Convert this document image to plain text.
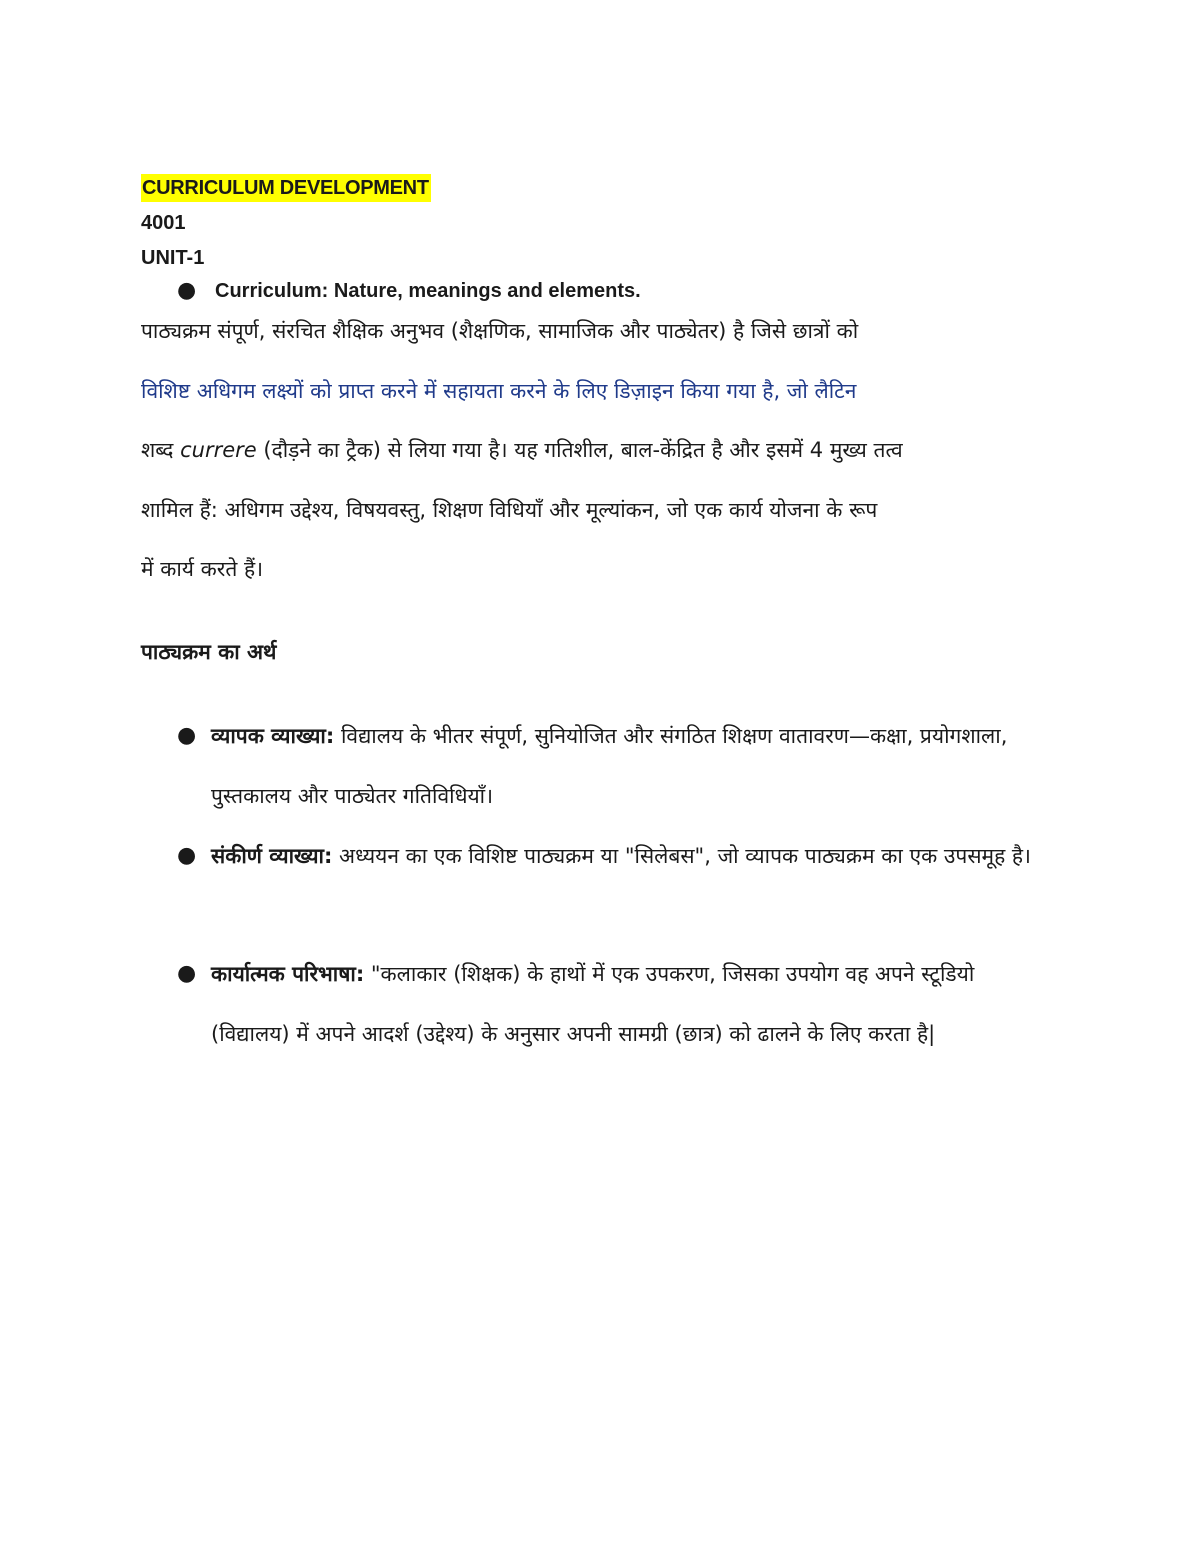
CURRICULUM DEVELOPMENT
4001
UNIT-1
● Curriculum: Nature, meanings and elements.
पाठ्यक्रम संपूर्ण, संरचित शैक्षिक अनुभव (शैक्षणिक, सामाजिक और पाठ्येतर) है जिसे छात्रों को
विशिष्ट अधिगम लक्ष्यों को प्राप्त करने में सहायता करने के लिए डिज़ाइन किया गया है, जो लैटिन
शब्द currere (दौड़ने का ट्रैक) से लिया गया है। यह गतिशील, बाल-केंद्रित है और इसमें 4 मुख्य तत्व
शामिल हैं: अधिगम उद्देश्य, विषयवस्तु, शिक्षण विधियाँ और मूल्यांकन, जो एक कार्य योजना के रूप
में कार्य करते हैं।
पाठ्यक्रम का अर्थ
● व्यापक व्याख्या: विद्यालय के भीतर संपूर्ण, सुनियोजित और संगठित शिक्षण वातावरण—कक्षा, प्रयोगशाला, पुस्तकालय और पाठ्येतर गतिविधियाँ।
● संकीर्ण व्याख्या: अध्ययन का एक विशिष्ट पाठ्यक्रम या "सिलेबस", जो व्यापक पाठ्यक्रम का एक उपसमूह है।
● कार्यात्मक परिभाषा: "कलाकार (शिक्षक) के हाथों में एक उपकरण, जिसका उपयोग वह अपने स्टूडियो (विद्यालय) में अपने आदर्श (उद्देश्य) के अनुसार अपनी सामग्री (छात्र) को ढालने के लिए करता है|
